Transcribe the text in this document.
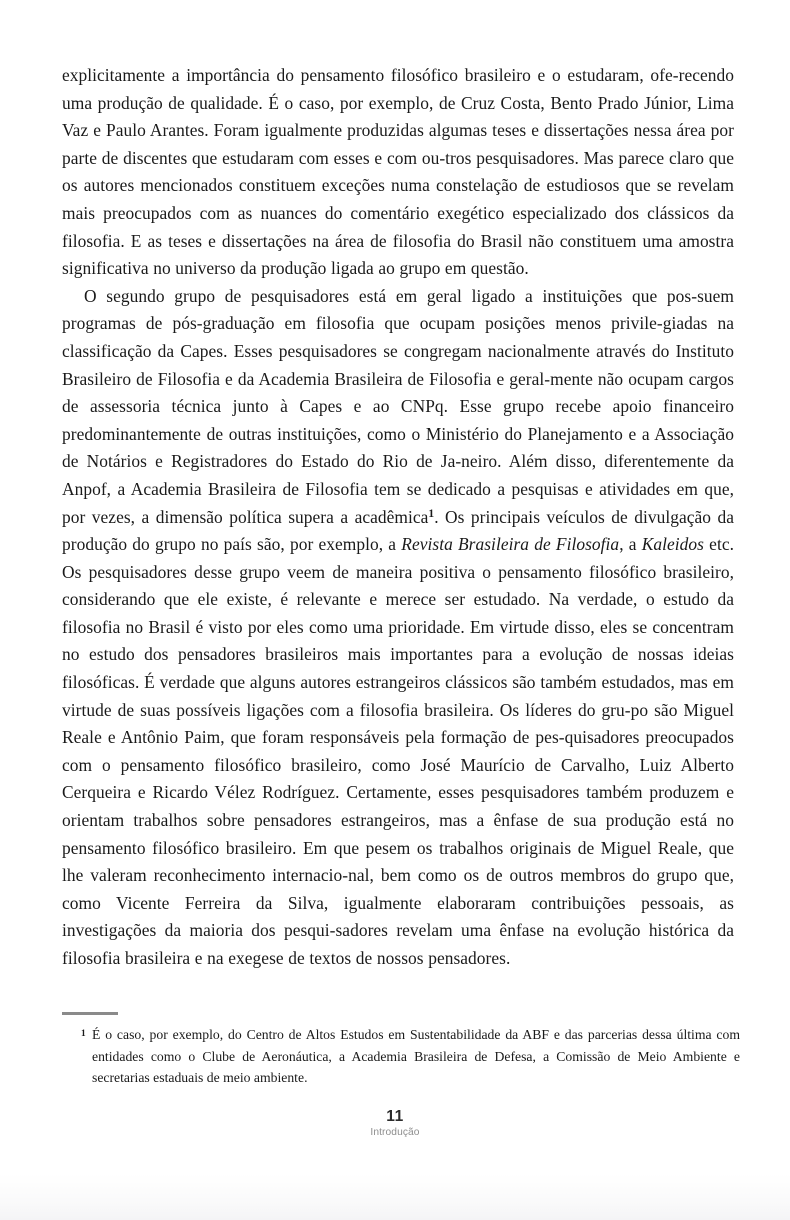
explicitamente a importância do pensamento filosófico brasileiro e o estudaram, ofe-recendo uma produção de qualidade. É o caso, por exemplo, de Cruz Costa, Bento Prado Júnior, Lima Vaz e Paulo Arantes. Foram igualmente produzidas algumas teses e dissertações nessa área por parte de discentes que estudaram com esses e com ou-tros pesquisadores. Mas parece claro que os autores mencionados constituem exceções numa constelação de estudiosos que se revelam mais preocupados com as nuances do comentário exegético especializado dos clássicos da filosofia. E as teses e dissertações na área de filosofia do Brasil não constituem uma amostra significativa no universo da produção ligada ao grupo em questão.

O segundo grupo de pesquisadores está em geral ligado a instituições que pos-suem programas de pós-graduação em filosofia que ocupam posições menos privile-giadas na classificação da Capes. Esses pesquisadores se congregam nacionalmente através do Instituto Brasileiro de Filosofia e da Academia Brasileira de Filosofia e geral-mente não ocupam cargos de assessoria técnica junto à Capes e ao CNPq. Esse grupo recebe apoio financeiro predominantemente de outras instituições, como o Ministério do Planejamento e a Associação de Notários e Registradores do Estado do Rio de Ja-neiro. Além disso, diferentemente da Anpof, a Academia Brasileira de Filosofia tem se dedicado a pesquisas e atividades em que, por vezes, a dimensão política supera a acadêmica$^1$. Os principais veículos de divulgação da produção do grupo no país são, por exemplo, a Revista Brasileira de Filosofia, a Kaleidos etc. Os pesquisadores desse grupo veem de maneira positiva o pensamento filosófico brasileiro, considerando que ele existe, é relevante e merece ser estudado. Na verdade, o estudo da filosofia no Brasil é visto por eles como uma prioridade. Em virtude disso, eles se concentram no estudo dos pensadores brasileiros mais importantes para a evolução de nossas ideias filosóficas. É verdade que alguns autores estrangeiros clássicos são também estudados, mas em virtude de suas possíveis ligações com a filosofia brasileira. Os líderes do gru-po são Miguel Reale e Antônio Paim, que foram responsáveis pela formação de pes-quisadores preocupados com o pensamento filosófico brasileiro, como José Maurício de Carvalho, Luiz Alberto Cerqueira e Ricardo Vélez Rodríguez. Certamente, esses pesquisadores também produzem e orientam trabalhos sobre pensadores estrangeiros, mas a ênfase de sua produção está no pensamento filosófico brasileiro. Em que pesem os trabalhos originais de Miguel Reale, que lhe valeram reconhecimento internacio-nal, bem como os de outros membros do grupo que, como Vicente Ferreira da Silva, igualmente elaboraram contribuições pessoais, as investigações da maioria dos pesqui-sadores revelam uma ênfase na evolução histórica da filosofia brasileira e na exegese de textos de nossos pensadores.

1 É o caso, por exemplo, do Centro de Altos Estudos em Sustentabilidade da ABF e das parcerias dessa última com entidades como o Clube de Aeronáutica, a Academia Brasileira de Defesa, a Comissão de Meio Ambiente e secretarias estaduais de meio ambiente.

11
Introdução
